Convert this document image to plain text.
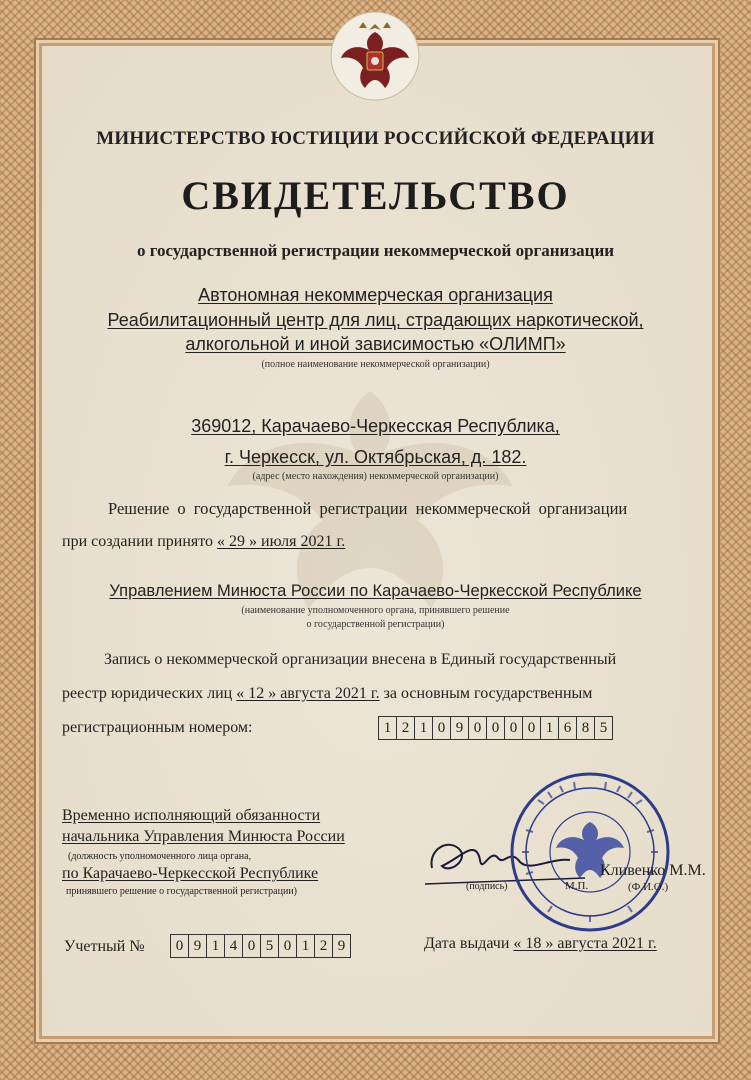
МИНИСТЕРСТВО ЮСТИЦИИ РОССИЙСКОЙ ФЕДЕРАЦИИ
СВИДЕТЕЛЬСТВО
о государственной регистрации некоммерческой организации
Автономная некоммерческая организация
Реабилитационный центр для лиц, страдающих наркотической,
алкогольной и иной зависимостью «ОЛИМП»
(полное наименование некоммерческой организации)
369012, Карачаево-Черкесская Республика,
г. Черкесск, ул. Октябрьская, д. 182.
(адрес (место нахождения) некоммерческой организации)
Решение о государственной регистрации некоммерческой организации
при создании принято « 29 » июля 2021 г.
Управлением Минюста России по Карачаево-Черкесской Республике
(наименование уполномоченного органа, принявшего решение
о государственной регистрации)
Запись о некоммерческой организации внесена в Единый государственный
реестр юридических лиц « 12 » августа 2021 г. за основным государственным
регистрационным номером:	1 2 1 0 9 0 0 0 0 1 6 8 5
Временно исполняющий обязанности
начальника Управления Минюста России
(должность уполномоченного лица органа,
по Карачаево-Черкесской Республике
принявшего решение о государственной регистрации)	(подпись)	М.П.
Кливенко М.М.
(Ф.И.О.)
Учетный №	0 9 1 4 0 5 0 1 2 9	Дата выдачи « 18 » августа 2021 г.
